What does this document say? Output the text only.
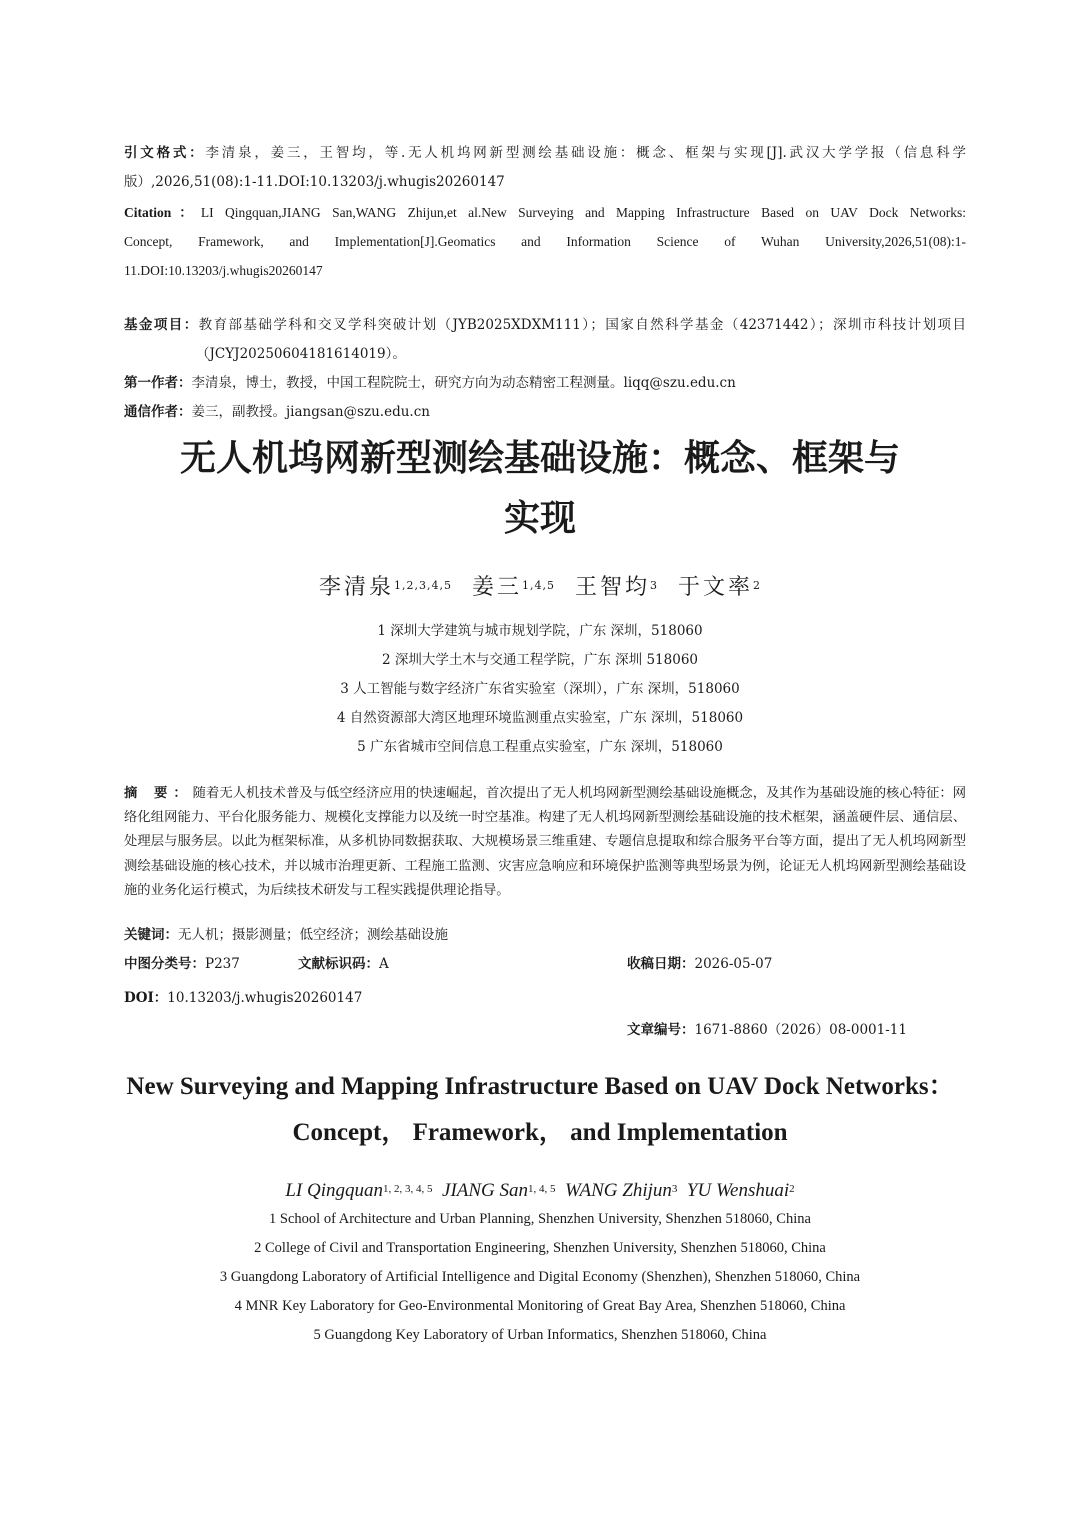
引文格式：李清泉，姜三，王智均，等.无人机坞网新型测绘基础设施：概念、框架与实现[J].武汉大学学报（信息科学
版）,2026,51(08):1-11.DOI:10.13203/j.whugis20260147
Citation：LI Qingquan,JIANG San,WANG Zhijun,et al.New Surveying and Mapping Infrastructure Based on UAV Dock Networks:
Concept, Framework, and Implementation[J].Geomatics and Information Science of Wuhan University,2026,51(08):1-
11.DOI:10.13203/j.whugis20260147
基金项目：教育部基础学科和交叉学科突破计划（JYB2025XDXM111）；国家自然科学基金（42371442）；深圳市科技计划项目
（JCYJ20250604181614019）。
第一作者：李清泉，博士，教授，中国工程院院士，研究方向为动态精密工程测量。liqq@szu.edu.cn
通信作者：姜三，副教授。jiangsan@szu.edu.cn
无人机坞网新型测绘基础设施：概念、框架与
实现
李清泉$^{1,2,3,4,5}$ 姜三$^{1,4,5}$ 王智均$^3$ 于文率$^2$
1 深圳大学建筑与城市规划学院，广东 深圳，518060
2 深圳大学土木与交通工程学院，广东 深圳 518060
3 人工智能与数字经济广东省实验室（深圳），广东 深圳，518060
4 自然资源部大湾区地理环境监测重点实验室，广东 深圳，518060
5 广东省城市空间信息工程重点实验室，广东 深圳，518060
摘 要：随着无人机技术普及与低空经济应用的快速崛起，首次提出了无人机坞网新型测绘基础设施概念，及其作为基础设施的核心特征：网络化组网能力、平台化服务能力、规模化支撑能力以及统一时空基准。构建了无人机坞网新型测绘基础设施的技术框架，涵盖硬件层、通信层、处理层与服务层。以此为框架标准，从多机协同数据获取、大规模场景三维重建、专题信息提取和综合服务平台等方面，提出了无人机坞网新型测绘基础设施的核心技术，并以城市治理更新、工程施工监测、灾害应急响应和环境保护监测等典型场景为例，论证无人机坞网新型测绘基础设施的业务化运行模式，为后续技术研发与工程实践提供理论指导。
关键词：无人机；摄影测量；低空经济；测绘基础设施
中图分类号：P237	文献标识码：A	收稿日期：2026-05-07
DOI：10.13203/j.whugis20260147
文章编号：1671-8860（2026）08-0001-11
New Surveying and Mapping Infrastructure Based on UAV Dock Networks：
Concept， Framework， and Implementation
LI Qingquan$^{1, 2, 3, 4, 5}$ JIANG San$^{1, 4, 5}$ WANG Zhijun$^3$ YU Wenshuai$^2$
1 School of Architecture and Urban Planning, Shenzhen University, Shenzhen 518060, China
2 College of Civil and Transportation Engineering, Shenzhen University, Shenzhen 518060, China
3 Guangdong Laboratory of Artificial Intelligence and Digital Economy (Shenzhen), Shenzhen 518060, China
4 MNR Key Laboratory for Geo-Environmental Monitoring of Great Bay Area, Shenzhen 518060, China
5 Guangdong Key Laboratory of Urban Informatics, Shenzhen 518060, China
